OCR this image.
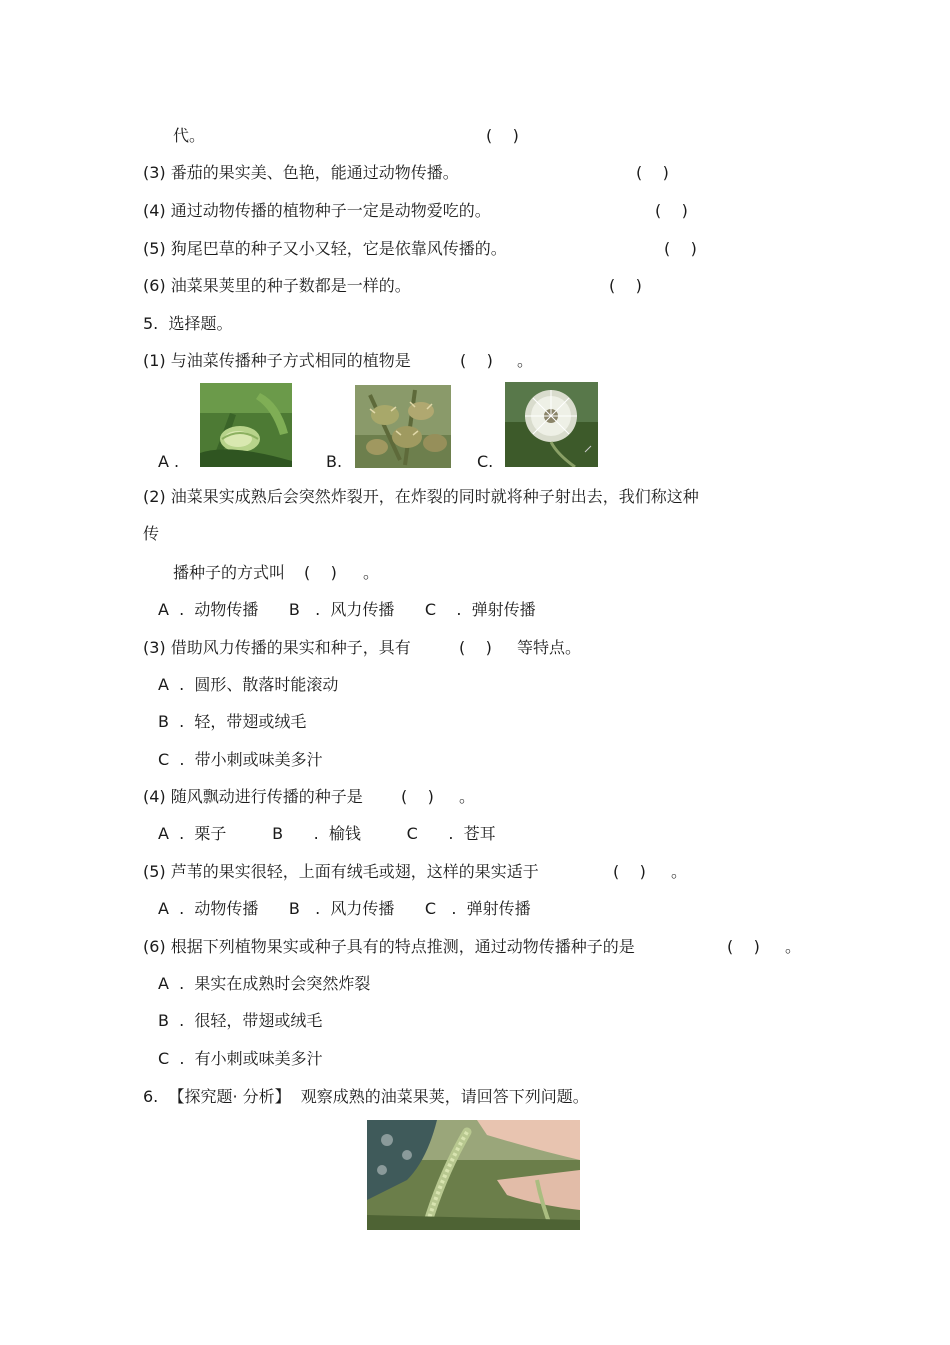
代。	(    )
(3) 番茄的果实美、色艳，能通过动物传播。	(    )
(4) 通过动物传播的植物种子一定是动物爱吃的。	(    )
(5) 狗尾巴草的种子又小又轻，它是依靠风传播的。	(    )
(6) 油菜果荚里的种子数都是一样的。	(    )
5.  选择题。
(1) 与油菜传播种子方式相同的植物是	(    ) 。
A .	B.	C.
(2) 油菜果实成熟后会突然炸裂开，在炸裂的同时就将种子射出去，我们称这种
传
播种子的方式叫 (    ) 。
A  .  动物传播      B   .  风力传播      C    .  弹射传播
(3) 借助风力传播的果实和种子，具有	(    ) 等特点。
A  .  圆形、散落时能滚动
B  .  轻，带翅或绒毛
C  .  带小刺或味美多汁
(4) 随风飘动进行传播的种子是 (    ) 。
A  .  栗子         B      .  榆钱         C      .  苍耳
(5) 芦苇的果实很轻，上面有绒毛或翅，这样的果实适于	(    ) 。
A  .  动物传播      B   .  风力传播      C   .  弹射传播
(6) 根据下列植物果实或种子具有的特点推测，通过动物传播种子的是	(    ) 。
A  .  果实在成熟时会突然炸裂
B  .  很轻，带翅或绒毛
C  .  有小刺或味美多汁
6.  【探究题· 分析】  观察成熟的油菜果荚，请回答下列问题。
